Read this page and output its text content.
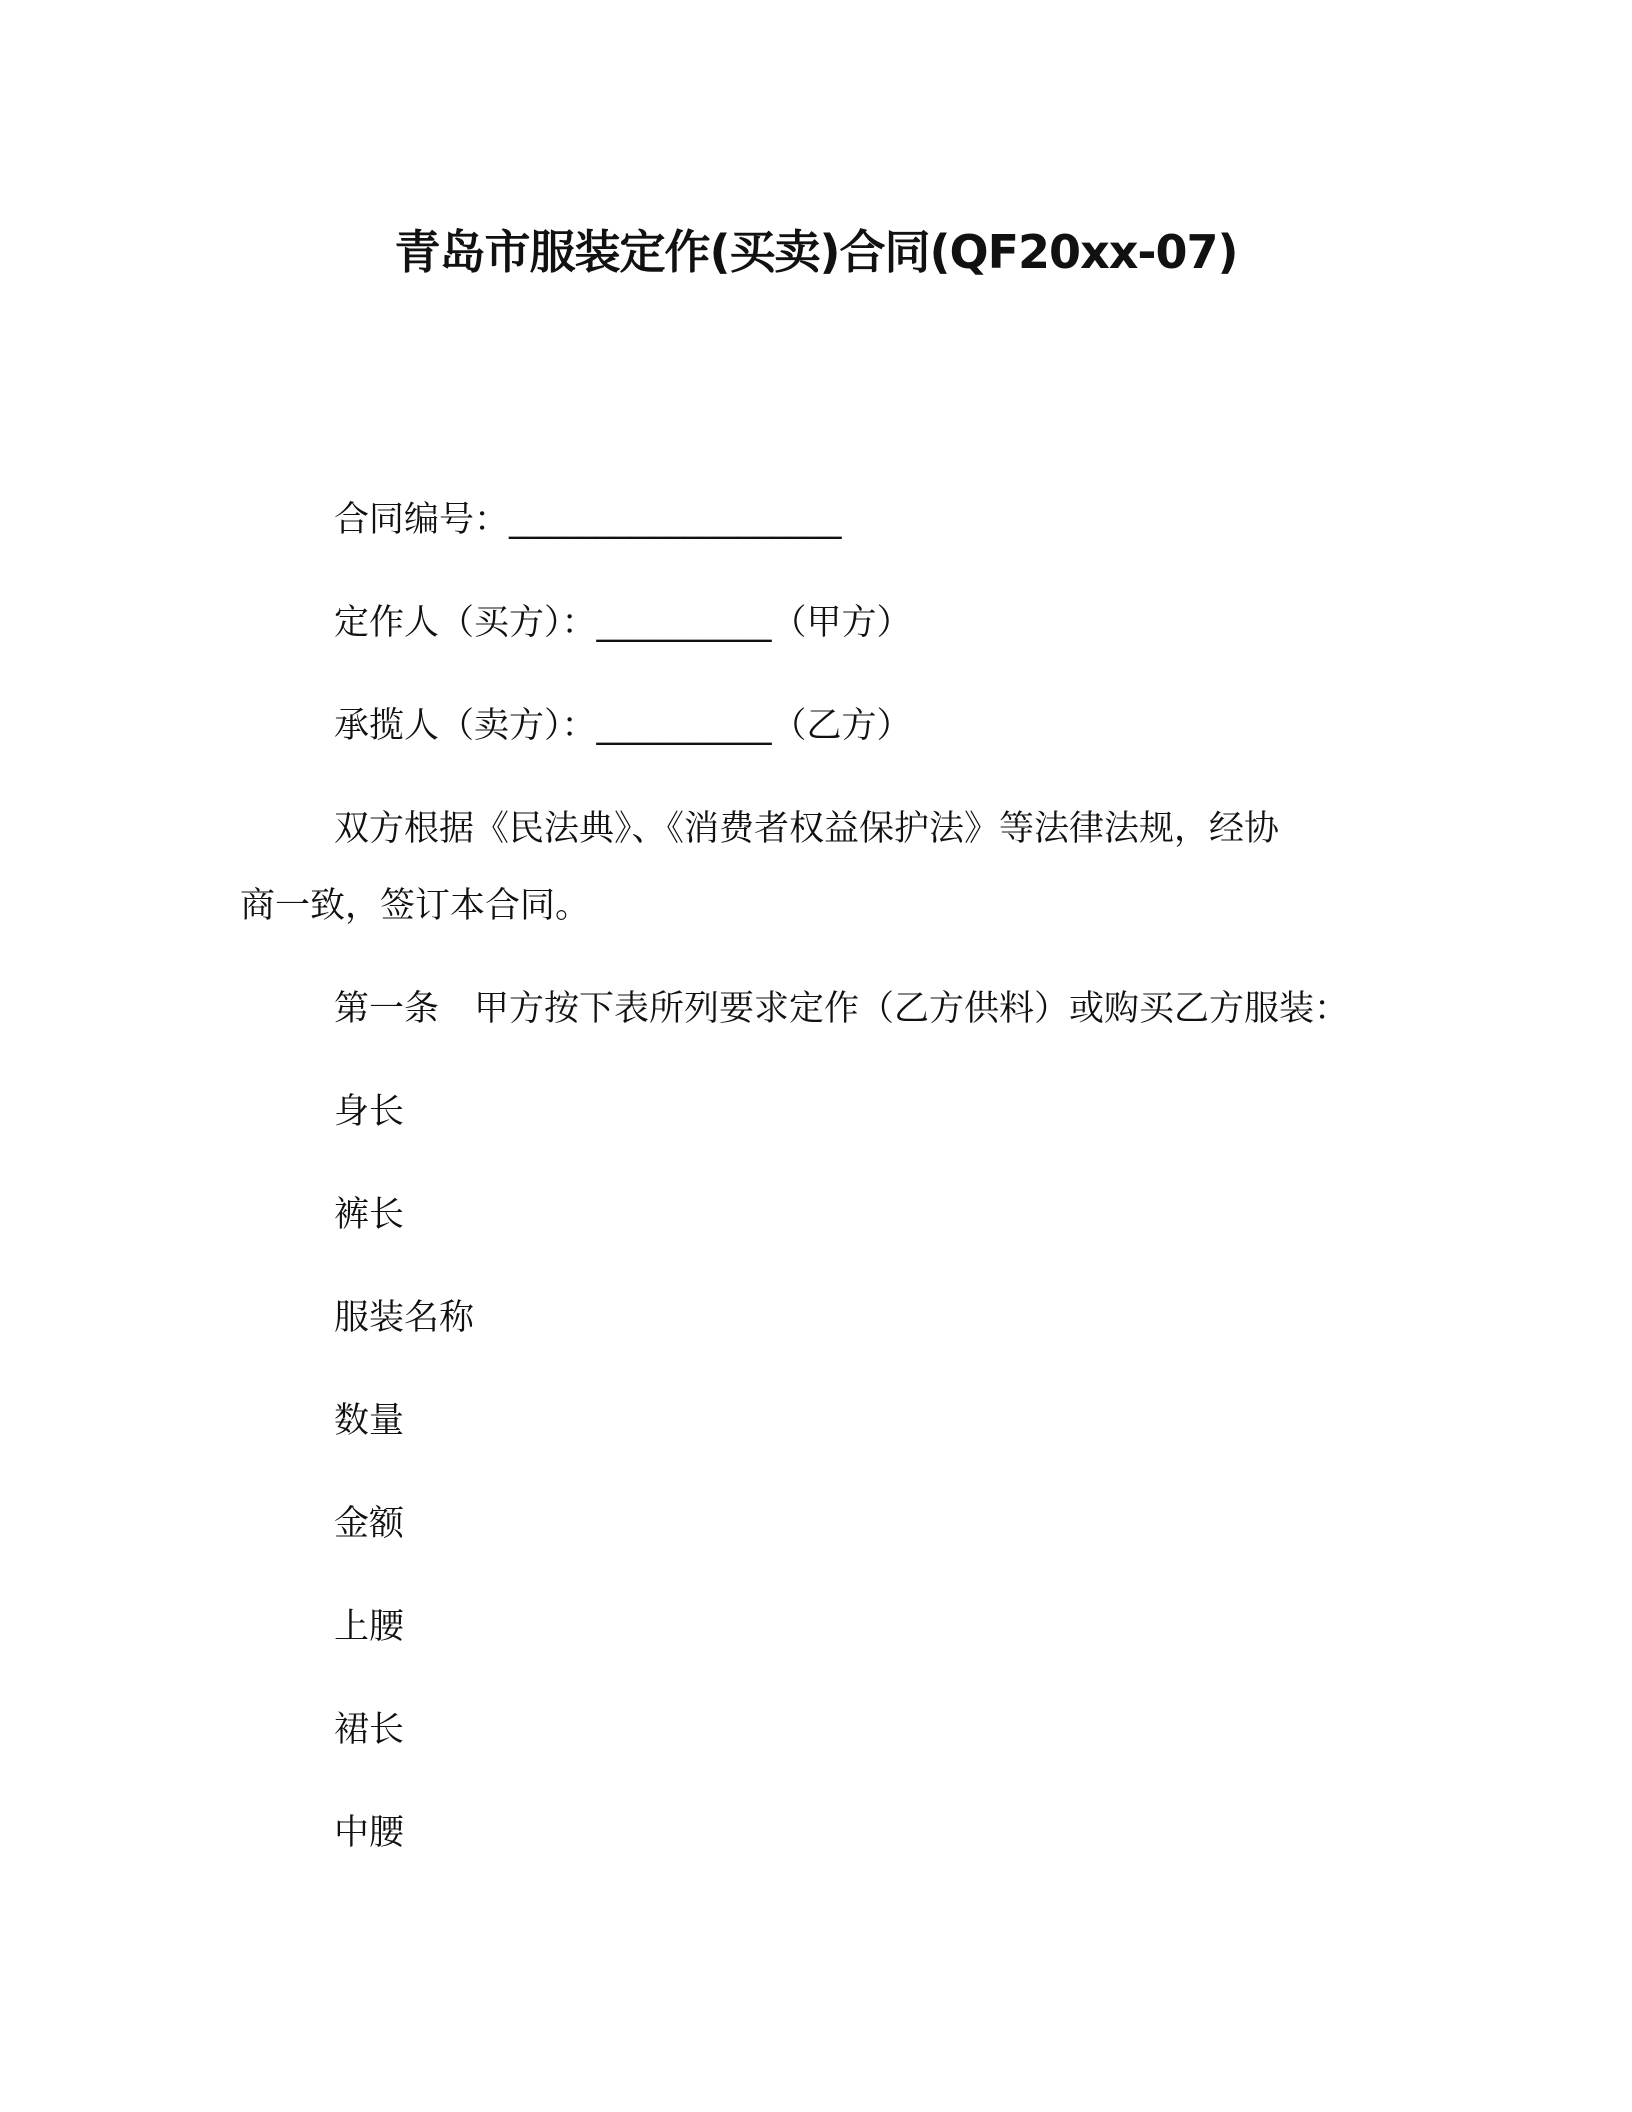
青岛市服装定作(买卖)合同(QF20xx-07)
合同编号：___________________
定作人（买方）：__________（甲方）
承揽人（卖方）：__________（乙方）
双方根据《民法典》、《消费者权益保护法》等法律法规，经协
商一致，签订本合同。
第一条　甲方按下表所列要求定作（乙方供料）或购买乙方服装：
身长
裤长
服装名称
数量
金额
上腰
裙长
中腰
